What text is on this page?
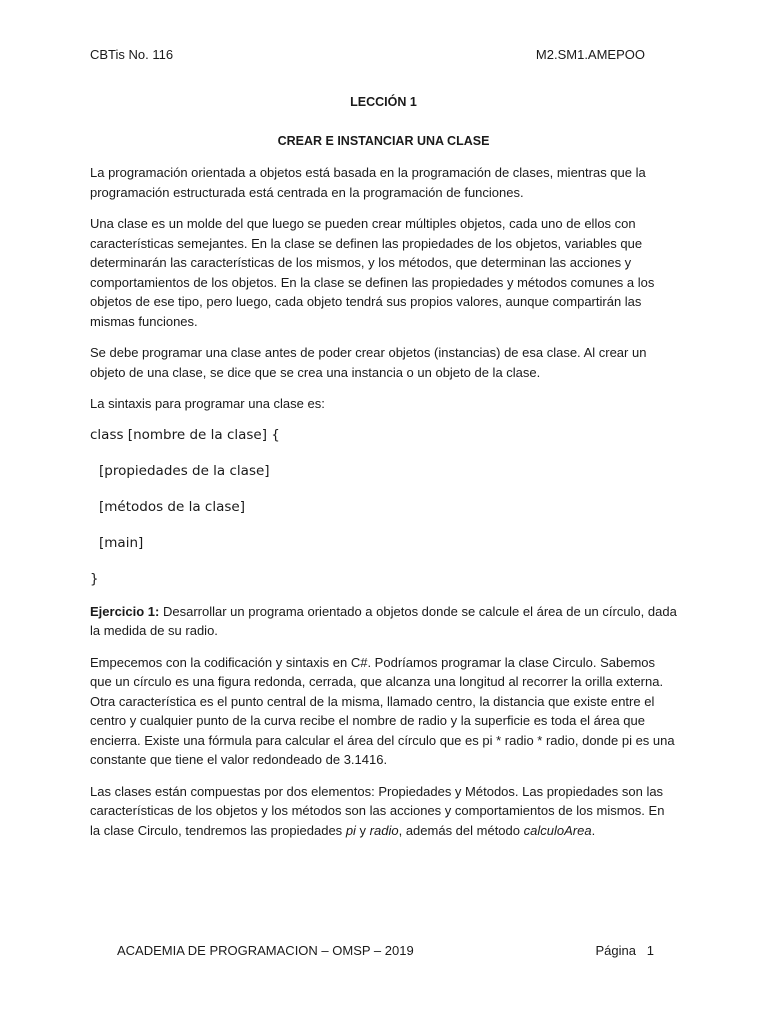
CBTis No. 116	M2.SM1.AMEPOO
LECCIÓN 1
CREAR E INSTANCIAR UNA CLASE

La programación orientada a objetos está basada en la programación de clases, mientras que la programación estructurada está centrada en la programación de funciones.

Una clase es un molde del que luego se pueden crear múltiples objetos, cada uno de ellos con características semejantes. En la clase se definen las propiedades de los objetos, variables que determinarán las características de los mismos, y los métodos, que determinan las acciones y comportamientos de los objetos. En la clase se definen las propiedades y métodos comunes a los objetos de ese tipo, pero luego, cada objeto tendrá sus propios valores, aunque compartirán las mismas funciones.

Se debe programar una clase antes de poder crear objetos (instancias) de esa clase. Al crear un objeto de una clase, se dice que se crea una instancia o un objeto de la clase.

La sintaxis para programar una clase es:

class [nombre de la clase] {
[propiedades de la clase]
[métodos de la clase]
[main]
}

Ejercicio 1: Desarrollar un programa orientado a objetos donde se calcule el área de un círculo, dada la medida de su radio.

Empecemos con la codificación y sintaxis en C#. Podríamos programar la clase Circulo. Sabemos que un círculo es una figura redonda, cerrada, que alcanza una longitud al recorrer la orilla externa. Otra característica es el punto central de la misma, llamado centro, la distancia que existe entre el centro y cualquier punto de la curva recibe el nombre de radio y la superficie es toda el área que encierra. Existe una fórmula para calcular el área del círculo que es pi * radio * radio, donde pi es una constante que tiene el valor redondeado de 3.1416.

Las clases están compuestas por dos elementos: Propiedades y Métodos. Las propiedades son las características de los objetos y los métodos son las acciones y comportamientos de los mismos. En la clase Circulo, tendremos las propiedades pi y radio, además del método calculoArea.

ACADEMIA DE PROGRAMACION – OMSP – 2019	Página   1
